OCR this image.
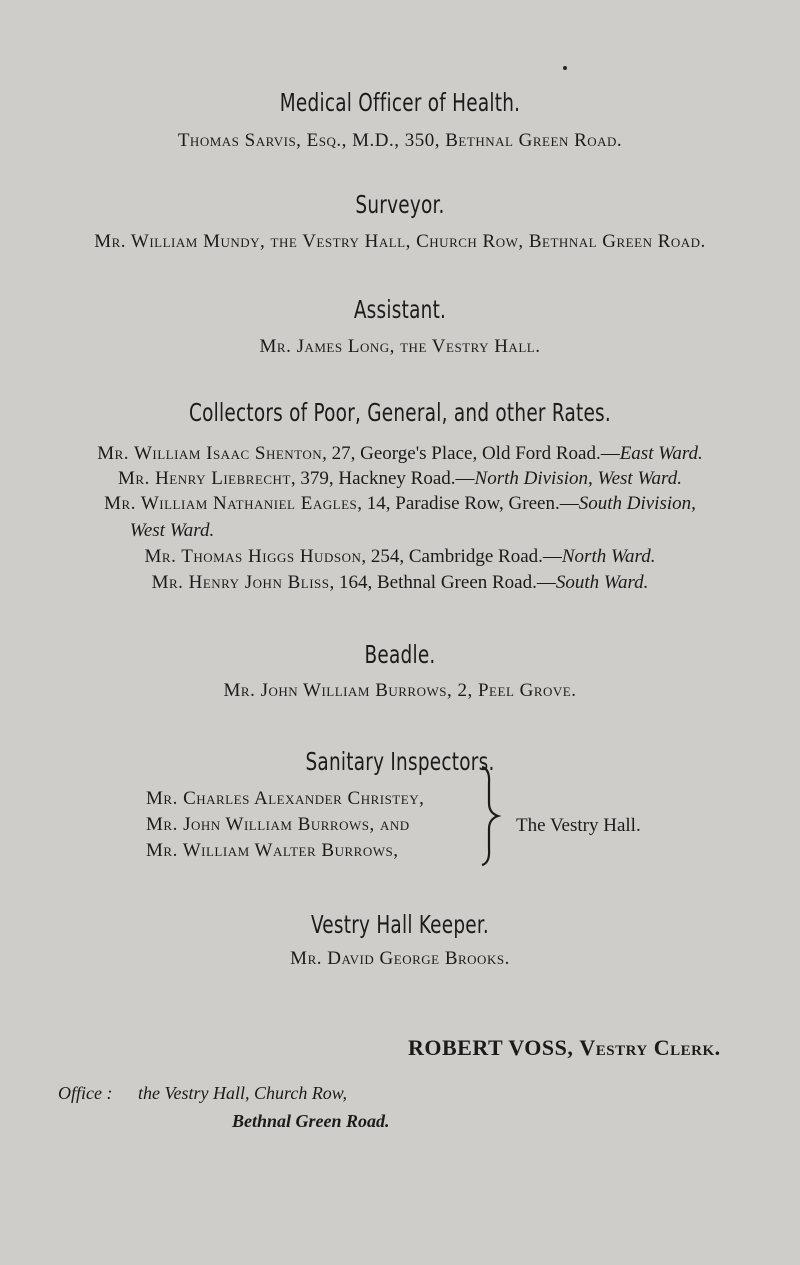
Medical Officer of Health.
Thomas Sarvis, Esq., M.D., 350, Bethnal Green Road.
Surveyor.
Mr. William Mundy, the Vestry Hall, Church Row, Bethnal Green Road.
Assistant.
Mr. James Long, the Vestry Hall.
Collectors of Poor, General, and other Rates.
Mr. William Isaac Shenton, 27, George's Place, Old Ford Road.—East Ward.
Mr. Henry Liebrecht, 379, Hackney Road.—North Division, West Ward.
Mr. William Nathaniel Eagles, 14, Paradise Row, Green.—South Division,
West Ward.
Mr. Thomas Higgs Hudson, 254, Cambridge Road.—North Ward.
Mr. Henry John Bliss, 164, Bethnal Green Road.—South Ward.
Beadle.
Mr. John William Burrows, 2, Peel Grove.
Sanitary Inspectors.
Mr. Charles Alexander Christey,
Mr. John William Burrows, and
Mr. William Walter Burrows,
The Vestry Hall.
Vestry Hall Keeper.
Mr. David George Brooks.
ROBERT VOSS, Vestry Clerk.
Office : the Vestry Hall, Church Row,
Bethnal Green Road.
